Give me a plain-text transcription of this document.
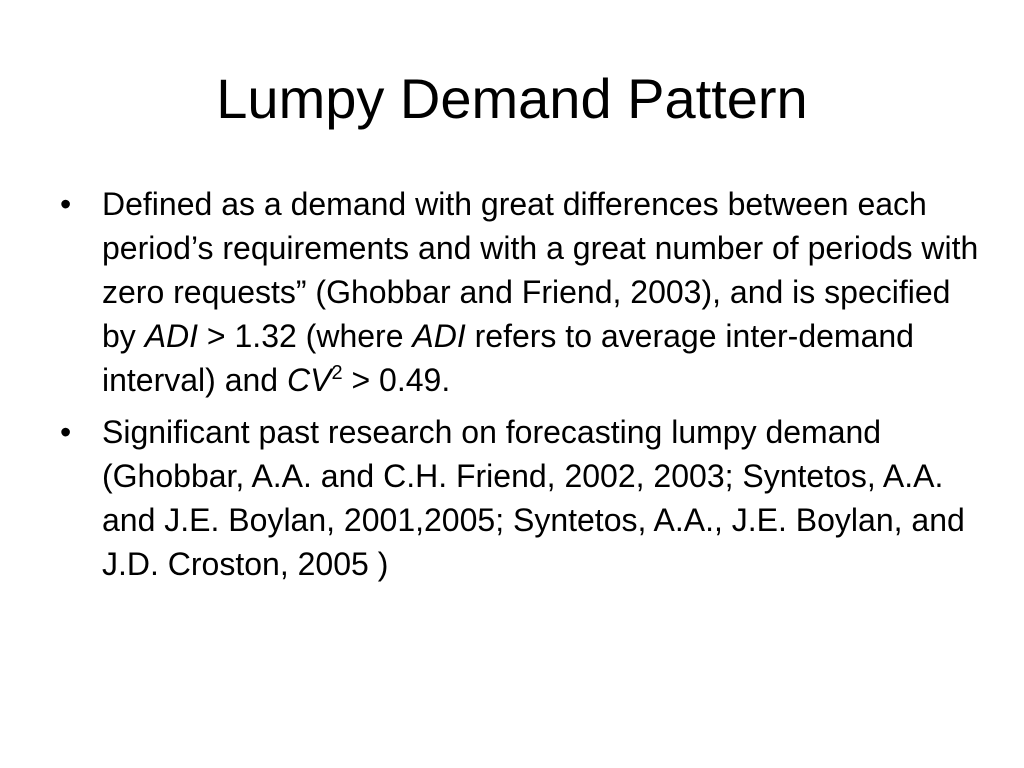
Lumpy Demand Pattern
• Defined as a demand with great differences between each period’s requirements and with a great number of periods with zero requests” (Ghobbar and Friend, 2003), and is specified by ADI > 1.32 (where ADI refers to average inter-demand interval) and $CV^2 > 0.49$.
• Significant past research on forecasting lumpy demand (Ghobbar, A.A. and C.H. Friend, 2002, 2003; Syntetos, A.A. and J.E. Boylan, 2001,2005; Syntetos, A.A., J.E. Boylan, and J.D. Croston, 2005 )
